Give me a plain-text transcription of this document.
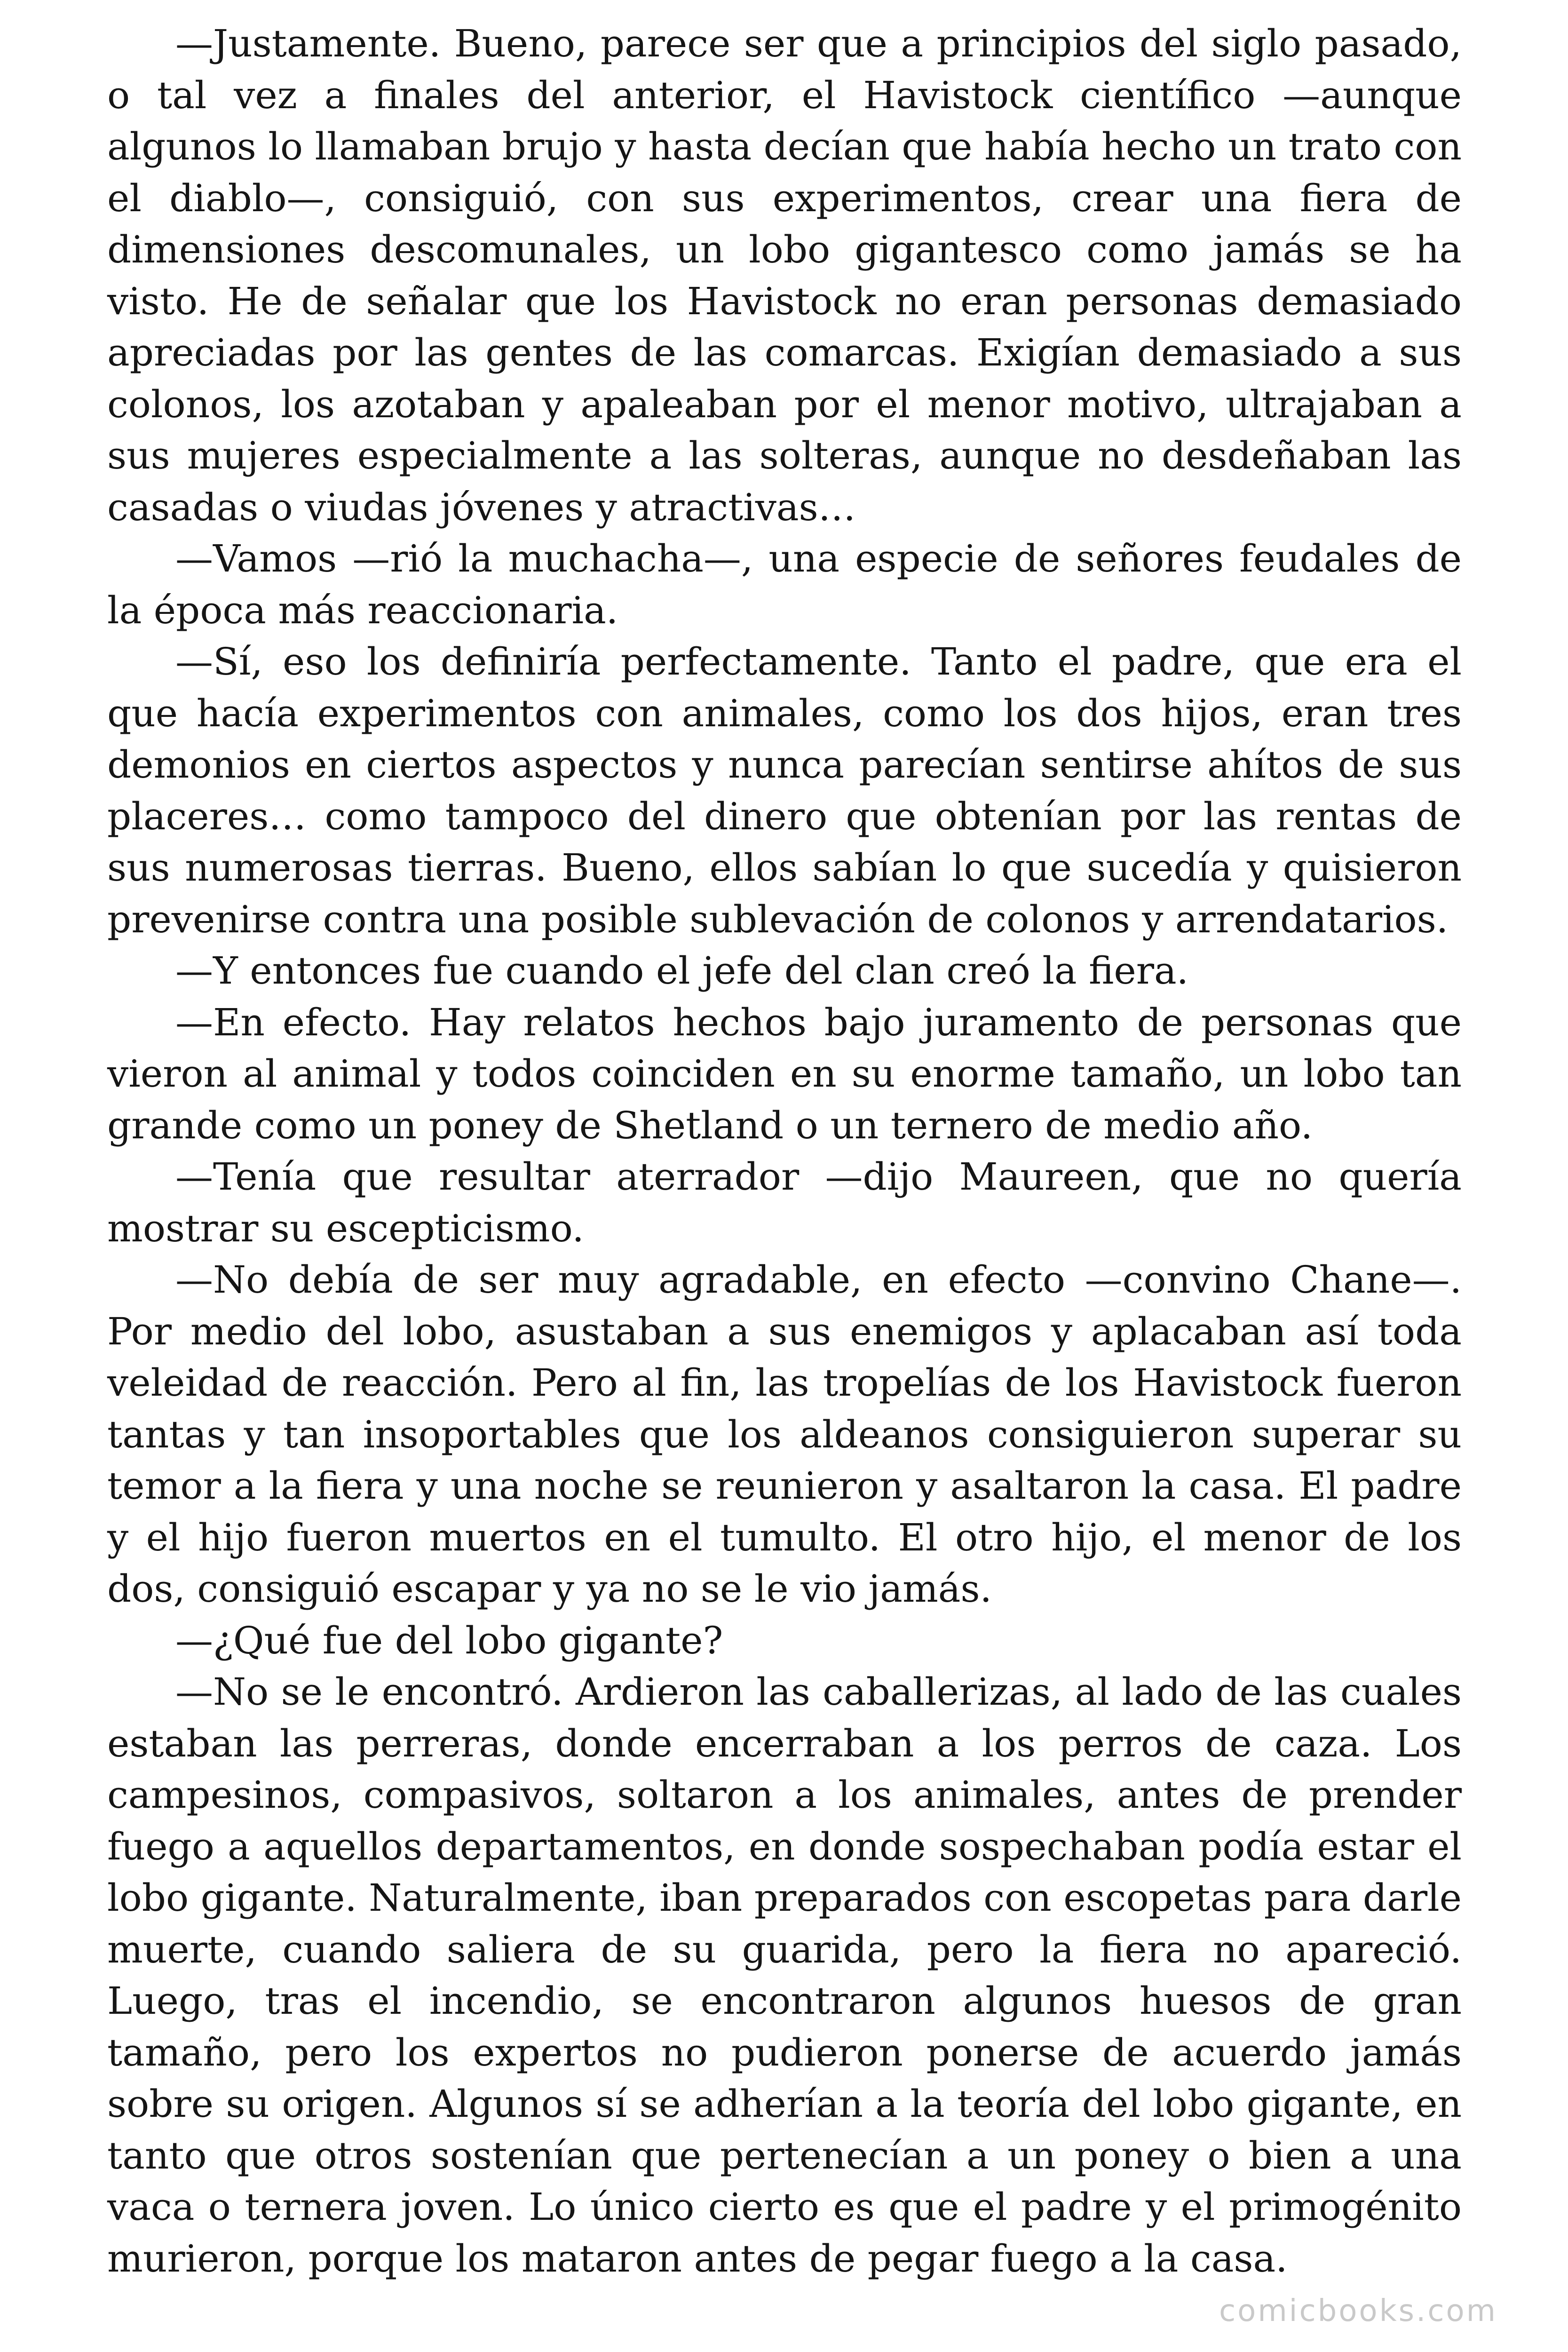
—Justamente. Bueno, parece ser que a principios del siglo pasado, o tal vez a finales del anterior, el Havistock científico —aunque algunos lo llamaban brujo y hasta decían que había hecho un trato con el diablo—, consiguió, con sus experimentos, crear una fiera de dimensiones descomunales, un lobo gigantesco como jamás se ha visto. He de señalar que los Havistock no eran personas demasiado apreciadas por las gentes de las comarcas. Exigían demasiado a sus colonos, los azotaban y apaleaban por el menor motivo, ultrajaban a sus mujeres especialmente a las solteras, aunque no desdeñaban las casadas o viudas jóvenes y atractivas…

—Vamos —rió la muchacha—, una especie de señores feudales de la época más reaccionaria.

—Sí, eso los definiría perfectamente. Tanto el padre, que era el que hacía experimentos con animales, como los dos hijos, eran tres demonios en ciertos aspectos y nunca parecían sentirse ahítos de sus placeres… como tampoco del dinero que obtenían por las rentas de sus numerosas tierras. Bueno, ellos sabían lo que sucedía y quisieron prevenirse contra una posible sublevación de colonos y arrendatarios.

—Y entonces fue cuando el jefe del clan creó la fiera.

—En efecto. Hay relatos hechos bajo juramento de personas que vieron al animal y todos coinciden en su enorme tamaño, un lobo tan grande como un poney de Shetland o un ternero de medio año.

—Tenía que resultar aterrador —dijo Maureen, que no quería mostrar su escepticismo.

—No debía de ser muy agradable, en efecto —convino Chane—. Por medio del lobo, asustaban a sus enemigos y aplacaban así toda veleidad de reacción. Pero al fin, las tropelías de los Havistock fueron tantas y tan insoportables que los aldeanos consiguieron superar su temor a la fiera y una noche se reunieron y asaltaron la casa. El padre y el hijo fueron muertos en el tumulto. El otro hijo, el menor de los dos, consiguió escapar y ya no se le vio jamás.

—¿Qué fue del lobo gigante?

—No se le encontró. Ardieron las caballerizas, al lado de las cuales estaban las perreras, donde encerraban a los perros de caza. Los campesinos, compasivos, soltaron a los animales, antes de prender fuego a aquellos departamentos, en donde sospechaban podía estar el lobo gigante. Naturalmente, iban preparados con escopetas para darle muerte, cuando saliera de su guarida, pero la fiera no apareció. Luego, tras el incendio, se encontraron algunos huesos de gran tamaño, pero los expertos no pudieron ponerse de acuerdo jamás sobre su origen. Algunos sí se adherían a la teoría del lobo gigante, en tanto que otros sostenían que pertenecían a un poney o bien a una vaca o ternera joven. Lo único cierto es que el padre y el primogénito murieron, porque los mataron antes de pegar fuego a la casa.

comicbooks.com
